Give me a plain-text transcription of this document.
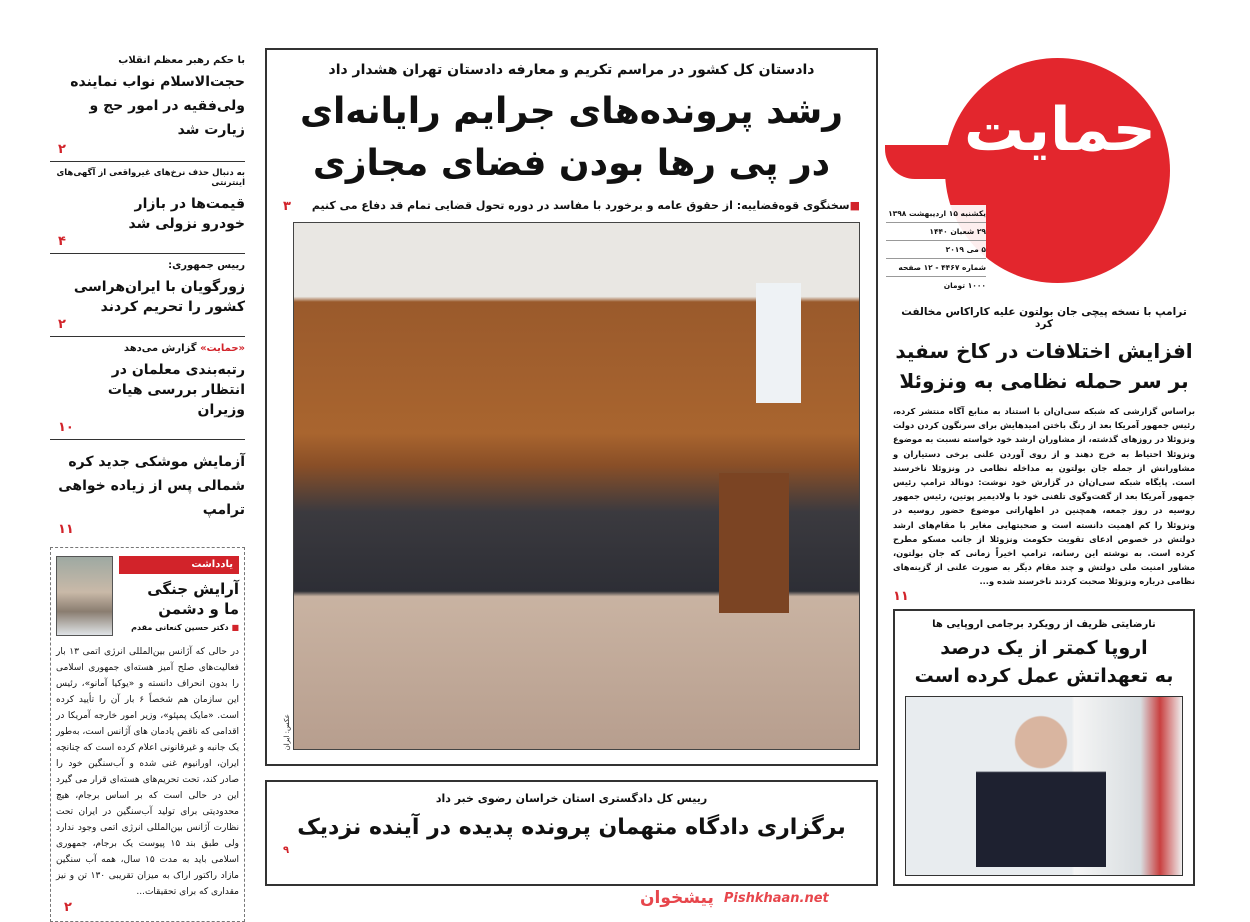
با حکم رهبر معظم انقلاب
حجت‌الاسلام نواب نماینده ولی‌فقیه در امور حج و زیارت شد
۲
به دنبال حذف نرخ‌های غیرواقعی از آگهی‌های اینترنتی
قیمت‌ها در بازار خودرو نزولی شد
۴
رییس جمهوری:
زورگویان با ایران‌هراسی کشور را تحریم کردند
۲
«حمایت» گزارش می‌دهد
رتبه‌بندی معلمان در انتظار بررسی هیات وزیران
۱۰
آزمایش موشکی جدید کره شمالی پس از زیاده خواهی ترامپ
۱۱
یادداشت
آرایش جنگی ما و دشمن
■ دکتر حسین کنعانی مقدم
در حالی که آژانس بین‌المللی انرژی اتمی ۱۳ بار فعالیت‌های صلح آمیز هسته‌ای جمهوری اسلامی را بدون انحراف دانسته و «یوکیا آمانو»، رئیس این سازمان هم شخصاً ۶ بار آن را تأیید کرده است. «مایک پمپئو»، وزیر امور خارجه آمریکا در اقدامی که ناقض یادمان های آژانس است، به‌طور یک جانبه و غیرقانونی اعلام کرده است که چنانچه ایران، اورانیوم غنی شده و آب‌سنگین خود را صادر کند، تحت تحریم‌های هسته‌ای قرار می گیرد این در حالی است که بر اساس برجام، هیچ محدودیتی برای تولید آب‌سنگین در ایران تحت نظارت آژانس بین‌المللی انرژی اتمی وجود ندارد ولی طبق بند ۱۵ پیوست یک برجام، جمهوری اسلامی باید به مدت ۱۵ سال، همه آب سنگین مازاد راکتور اراک به میزان تقریبی ۱۳۰ تن و نیز مقداری که برای تحقیقات...
۲
دادستان کل کشور در مراسم تکریم و معارفه دادستان تهران هشدار داد
رشد پرونده‌های جرایم رایانه‌ای
در پی رها بودن فضای مجازی
■سخنگوی قوه‌قضاییه: از حقوق عامه و برخورد با مفاسد در دوره تحول قضایی تمام قد دفاع می کنیم
۳
عکس: ایران
رییس کل دادگستری استان خراسان رضوی خبر داد
برگزاری دادگاه متهمان پرونده پدیده در آینده نزدیک
۹
حمایت
یکشنبه ۱۵ اردیبهشت ۱۳۹۸
۲۹ شعبان ۱۴۴۰
۵ می ۲۰۱۹
شماره ۴۴۶۷ - ۱۲ صفحه
۱۰۰۰ تومان
ترامپ با نسخه پیچی جان بولتون علیه کاراکاس مخالفت کرد
افزایش اختلافات در کاخ سفید
بر سر حمله نظامی به ونزوئلا
براساس گزارشی که شبکه سی‌ان‌ان با استناد به منابع آگاه منتشر کرده، رئیس جمهور آمریکا بعد از رنگ باختن امیدهایش برای سرنگون کردن دولت ونزوئلا در روزهای گذشته، از مشاوران ارشد خود خواسته نسبت به موضوع ونزوئلا احتیاط به خرج دهند و از روی آوردن علنی برخی دستیاران و مشاورانش از جمله جان بولتون به مداخله نظامی در ونزوئلا ناخرسند است. پایگاه شبکه سی‌ان‌ان در گزارش خود نوشت: دونالد ترامپ رئیس جمهور آمریکا بعد از گفت‌وگوی تلفنی خود با ولادیمیر پوتین، رئیس جمهور روسیه در روز جمعه، همچنین در اظهاراتی موضوع حضور روسیه در ونزوئلا را کم اهمیت دانسته است و صحبتهایی مغایر با مقام‌های ارشد دولتش در خصوص ادعای تقویت حکومت ونزوئلا از جانب مسکو مطرح کرده است. به نوشته این رسانه، ترامپ اخیراً زمانی که جان بولتون، مشاور امنیت ملی دولتش و چند مقام دیگر به صورت علنی از گزینه‌های نظامی درباره ونزوئلا صحبت کردند ناخرسند شده و...
۱۱
نارضایتی ظریف از رویکرد برجامی اروپایی ها
اروپا کمتر از یک درصد
به تعهداتش عمل کرده است
پیشخوان Pishkhaan.net
